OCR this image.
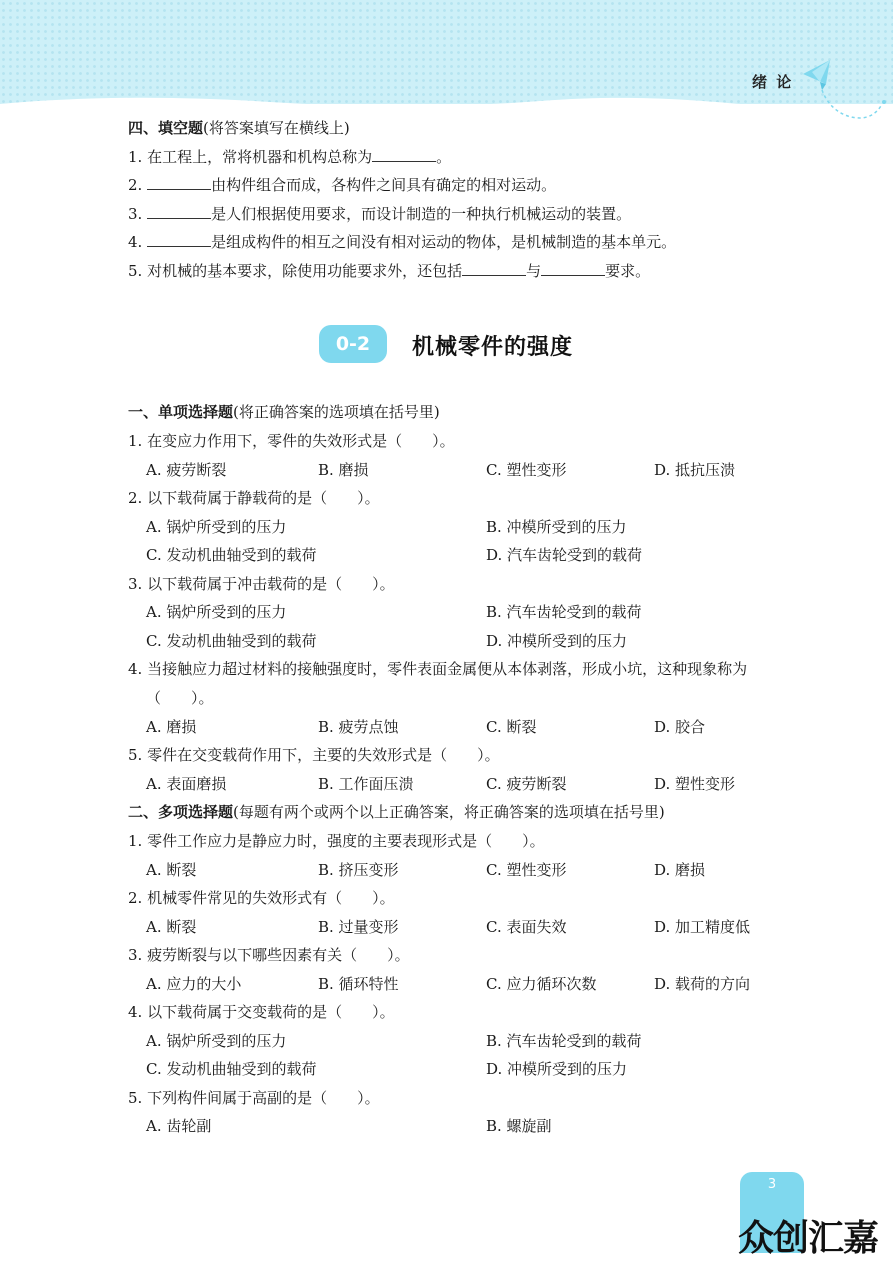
绪 论
四、填空题(将答案填写在横线上)
1. 在工程上，常将机器和机构总称为	。
2.	由构件组合而成，各构件之间具有确定的相对运动。
3.	是人们根据使用要求，而设计制造的一种执行机械运动的装置。
4.	是组成构件的相互之间没有相对运动的物体，是机械制造的基本单元。
5. 对机械的基本要求，除使用功能要求外，还包括	与	要求。
0-2	机械零件的强度
一、单项选择题(将正确答案的选项填在括号里)
1. 在变应力作用下，零件的失效形式是（　　）。
A. 疲劳断裂	B. 磨损	C. 塑性变形	D. 抵抗压溃
2. 以下载荷属于静载荷的是（　　）。
A. 锅炉所受到的压力	B. 冲模所受到的压力
C. 发动机曲轴受到的载荷	D. 汽车齿轮受到的载荷
3. 以下载荷属于冲击载荷的是（　　）。
A. 锅炉所受到的压力	B. 汽车齿轮受到的载荷
C. 发动机曲轴受到的载荷	D. 冲模所受到的压力
4. 当接触应力超过材料的接触强度时，零件表面金属便从本体剥落，形成小坑，这种现象称为
（　　）。
A. 磨损	B. 疲劳点蚀	C. 断裂	D. 胶合
5. 零件在交变载荷作用下，主要的失效形式是（　　）。
A. 表面磨损	B. 工作面压溃	C. 疲劳断裂	D. 塑性变形
二、多项选择题(每题有两个或两个以上正确答案，将正确答案的选项填在括号里)
1. 零件工作应力是静应力时，强度的主要表现形式是（　　）。
A. 断裂	B. 挤压变形	C. 塑性变形	D. 磨损
2. 机械零件常见的失效形式有（　　）。
A. 断裂	B. 过量变形	C. 表面失效	D. 加工精度低
3. 疲劳断裂与以下哪些因素有关（　　）。
A. 应力的大小	B. 循环特性	C. 应力循环次数	D. 载荷的方向
4. 以下载荷属于交变载荷的是（　　）。
A. 锅炉所受到的压力	B. 汽车齿轮受到的载荷
C. 发动机曲轴受到的载荷	D. 冲模所受到的压力
5. 下列构件间属于高副的是（　　）。
A. 齿轮副	B. 螺旋副
3
众创汇嘉
